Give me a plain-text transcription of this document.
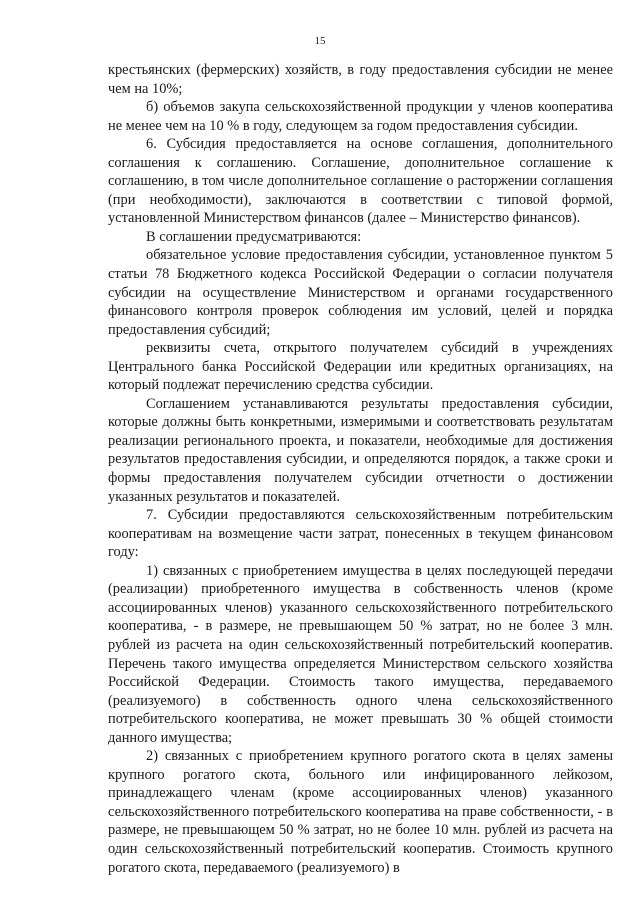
15

крестьянских (фермерских) хозяйств, в году предоставления субсидии не менее чем на 10%;

б) объемов закупа сельскохозяйственной продукции у членов кооператива не менее чем на 10 % в году, следующем за годом предоставления субсидии.

6. Субсидия предоставляется на основе соглашения, дополнительного соглашения к соглашению. Соглашение, дополнительное соглашение к соглашению, в том числе дополнительное соглашение о расторжении соглашения (при необходимости), заключаются в соответствии с типовой формой, установленной Министерством финансов (далее – Министерство финансов).

В соглашении предусматриваются:

обязательное условие предоставления субсидии, установленное пунктом 5 статьи 78 Бюджетного кодекса Российской Федерации о согласии получателя субсидии на осуществление Министерством и органами государственного финансового контроля проверок соблюдения им условий, целей и порядка предоставления субсидий;

реквизиты счета, открытого получателем субсидий в учреждениях Центрального банка Российской Федерации или кредитных организациях, на который подлежат перечислению средства субсидии.

Соглашением устанавливаются результаты предоставления субсидии, которые должны быть конкретными, измеримыми и соответствовать результатам реализации регионального проекта, и показатели, необходимые для достижения результатов предоставления субсидии, и определяются порядок, а также сроки и формы предоставления получателем субсидии отчетности о достижении указанных результатов и показателей.

7. Субсидии предоставляются сельскохозяйственным потребительским кооперативам на возмещение части затрат, понесенных в текущем финансовом году:

1) связанных с приобретением имущества в целях последующей передачи (реализации) приобретенного имущества в собственность членов (кроме ассоциированных членов) указанного сельскохозяйственного потребительского кооператива, - в размере, не превышающем 50 % затрат, но не более 3 млн. рублей из расчета на один сельскохозяйственный потребительский кооператив. Перечень такого имущества определяется Министерством сельского хозяйства Российской Федерации. Стоимость такого имущества, передаваемого (реализуемого) в собственность одного члена сельскохозяйственного потребительского кооператива, не может превышать 30 % общей стоимости данного имущества;

2) связанных с приобретением крупного рогатого скота в целях замены крупного рогатого скота, больного или инфицированного лейкозом, принадлежащего членам (кроме ассоциированных членов) указанного сельскохозяйственного потребительского кооператива на праве собственности, - в размере, не превышающем 50 % затрат, но не более 10 млн. рублей из расчета на один сельскохозяйственный потребительский кооператив. Стоимость крупного рогатого скота, передаваемого (реализуемого) в
